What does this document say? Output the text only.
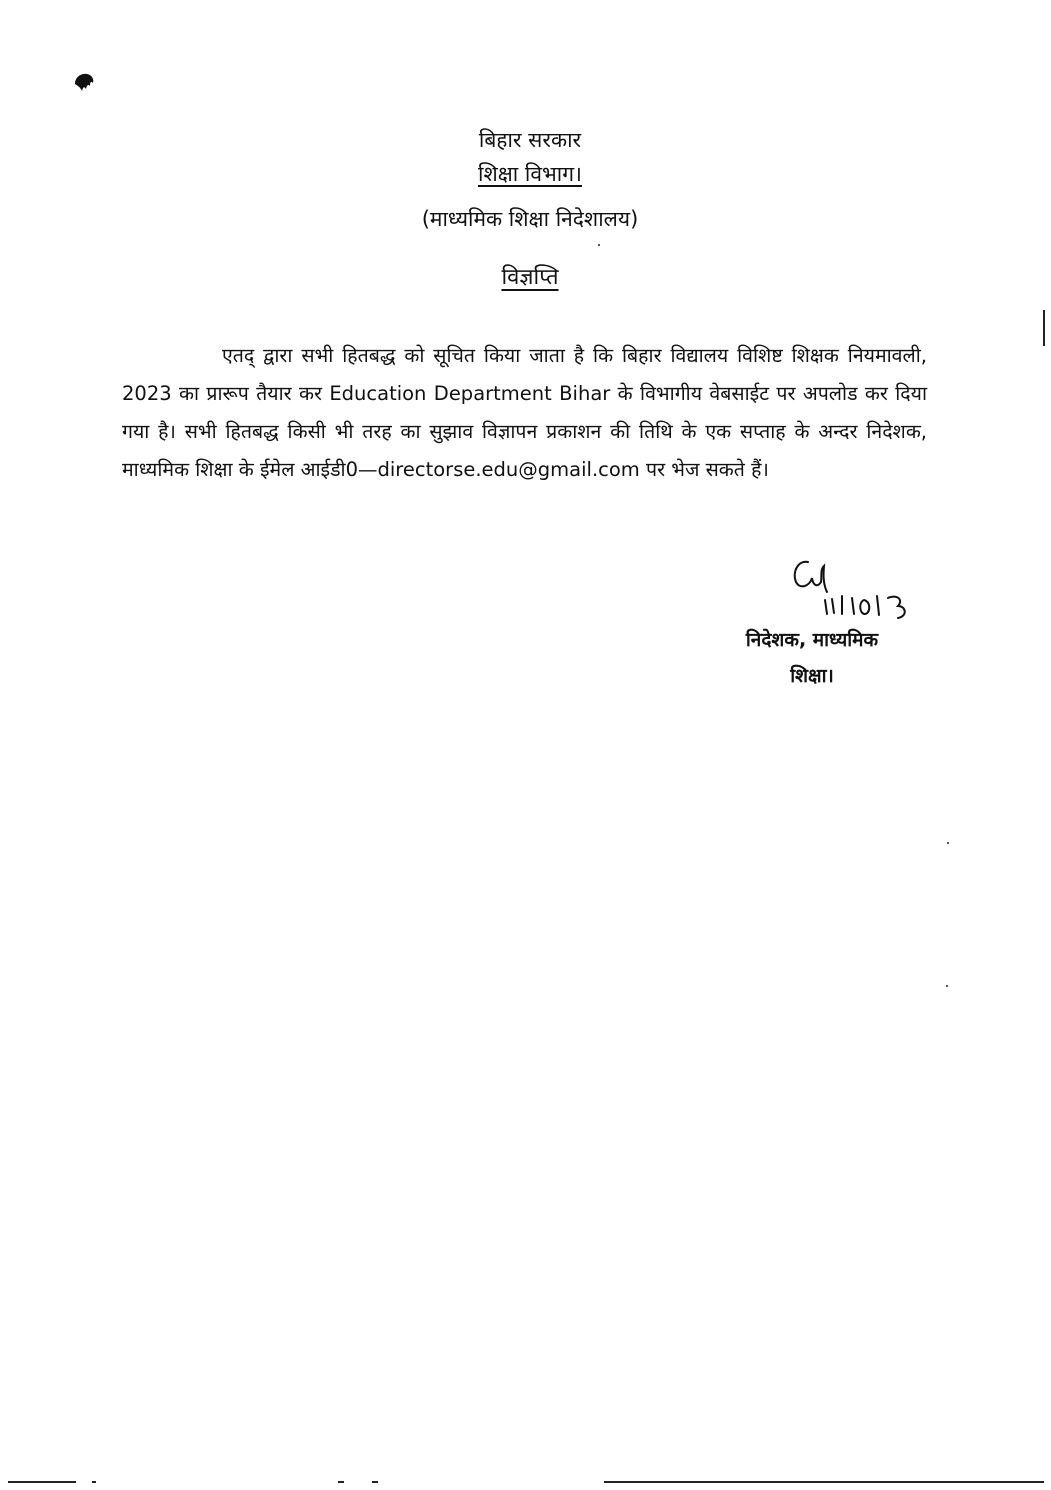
बिहार सरकार
शिक्षा विभाग।
(माध्यमिक शिक्षा निदेशालय)
विज्ञप्ति

एतद् द्वारा सभी हितबद्ध को सूचित किया जाता है कि बिहार विद्यालय विशिष्ट शिक्षक नियमावली, 2023 का प्रारूप तैयार कर Education Department Bihar के विभागीय वेबसाईट पर अपलोड कर दिया गया है। सभी हितबद्ध किसी भी तरह का सुझाव विज्ञापन प्रकाशन की तिथि के एक सप्ताह के अन्दर निदेशक, माध्यमिक शिक्षा के ईमेल आईडी0—directorse.edu@gmail.com पर भेज सकते हैं।

निदेशक, माध्यमिक
शिक्षा।
